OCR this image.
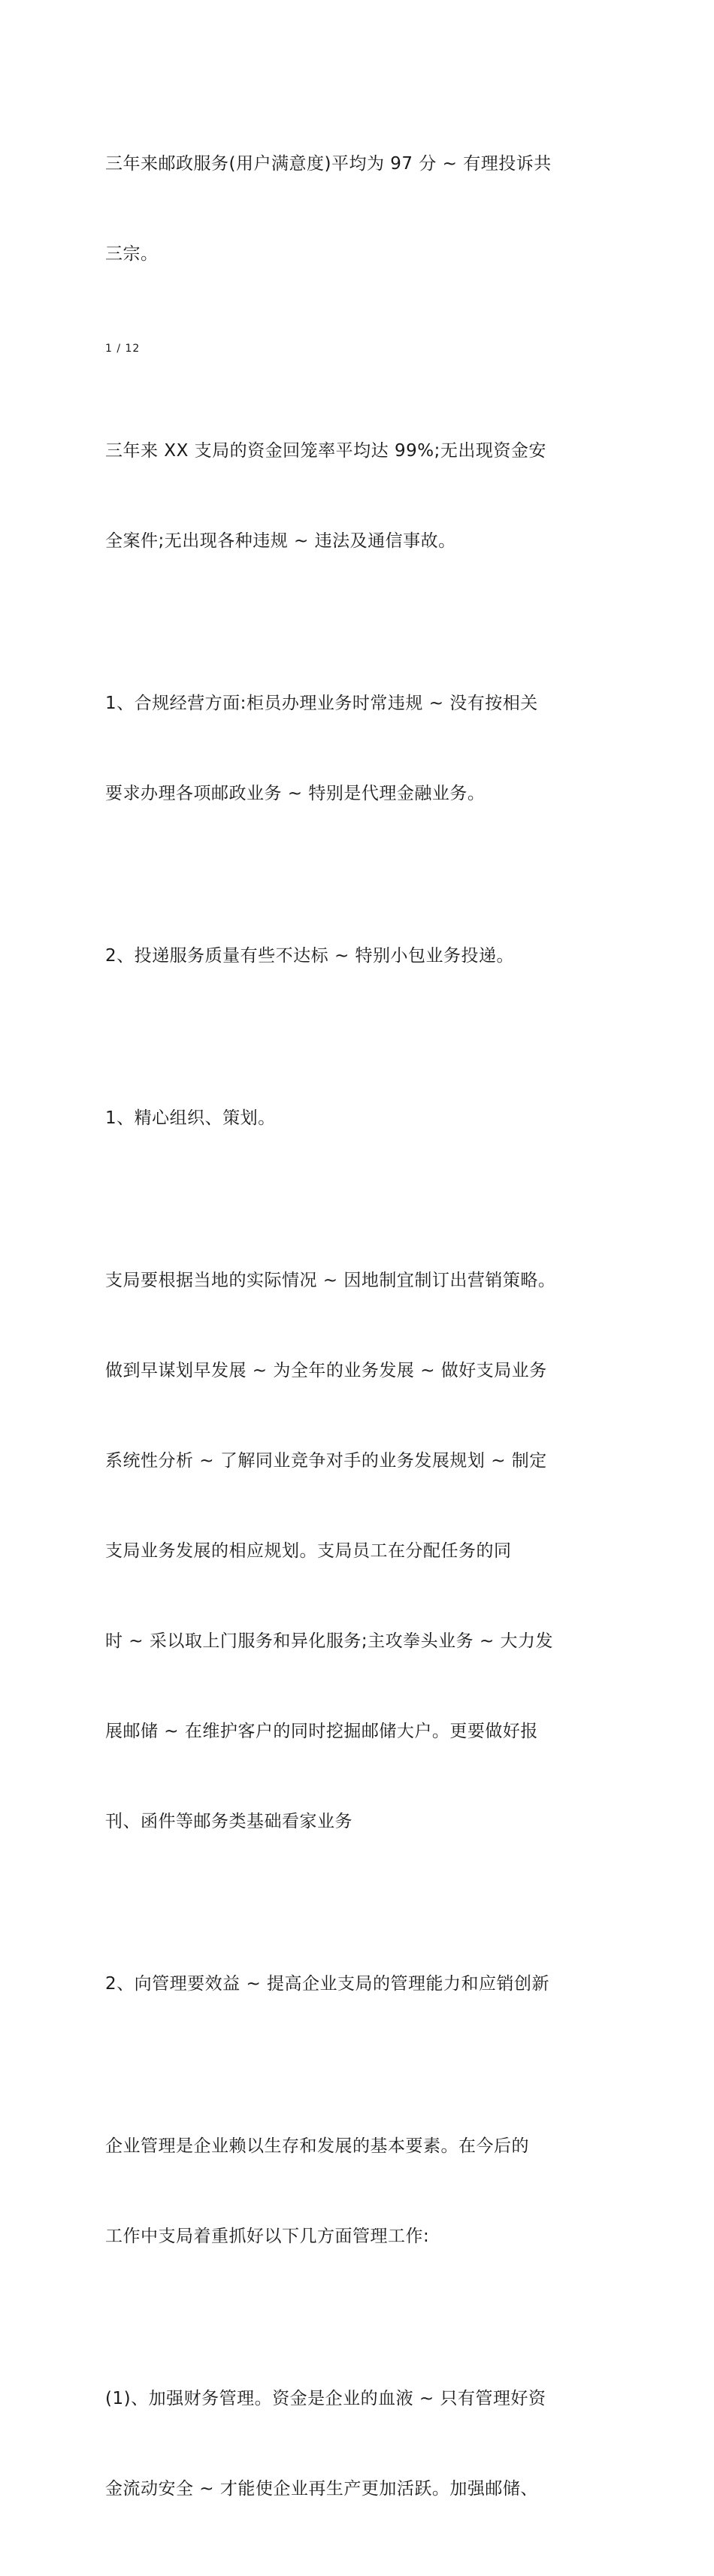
三年来邮政服务(用户满意度)平均为 97 分 ~ 有理投诉共

三宗。

1 / 12

三年来 XX 支局的资金回笼率平均达 99%;无出现资金安

全案件;无出现各种违规 ~ 违法及通信事故。

1、合规经营方面:柜员办理业务时常违规 ~ 没有按相关

要求办理各项邮政业务 ~ 特别是代理金融业务。

2、投递服务质量有些不达标 ~ 特别小包业务投递。

1、精心组织、策划。

支局要根据当地的实际情况 ~ 因地制宜制订出营销策略。

做到早谋划早发展 ~ 为全年的业务发展 ~ 做好支局业务

系统性分析 ~ 了解同业竞争对手的业务发展规划 ~ 制定

支局业务发展的相应规划。支局员工在分配任务的同

时 ~ 采以取上门服务和异化服务;主攻拳头业务 ~ 大力发

展邮储 ~ 在维护客户的同时挖掘邮储大户。更要做好报

刊、函件等邮务类基础看家业务

2、向管理要效益 ~ 提高企业支局的管理能力和应销创新

企业管理是企业赖以生存和发展的基本要素。在今后的

工作中支局着重抓好以下几方面管理工作:

(1)、加强财务管理。资金是企业的血液 ~ 只有管理好资

金流动安全 ~ 才能使企业再生产更加活跃。加强邮储、
